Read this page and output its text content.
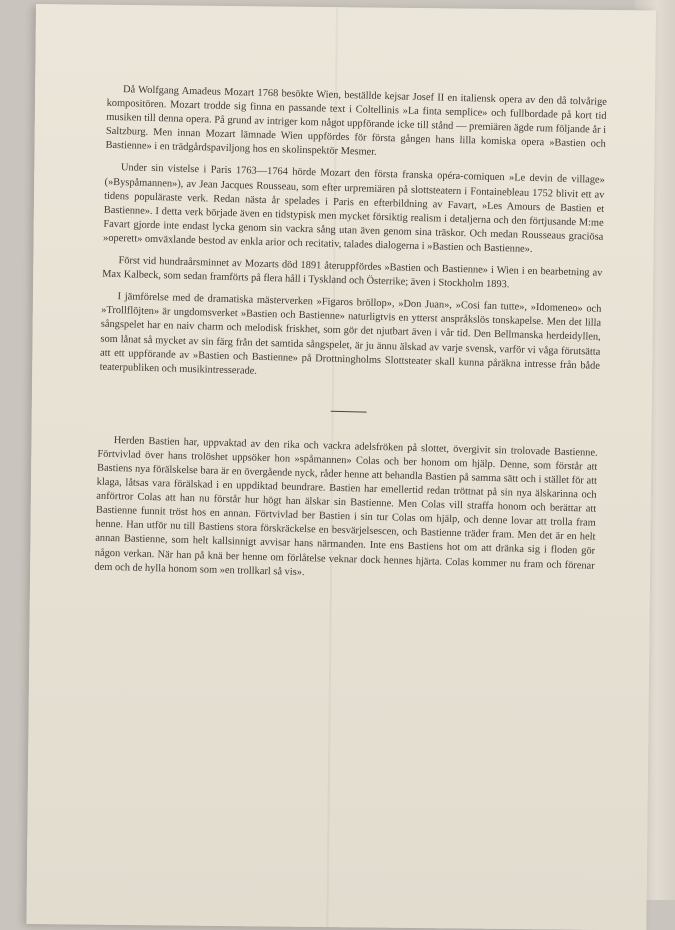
Då Wolfgang Amadeus Mozart 1768 besökte Wien, beställde kejsar Josef II en italiensk opera av den då tolvårige kompositören. Mozart trodde sig finna en passande text i Coltellinis »La finta semplice» och fullbordade på kort tid musiken till denna opera. På grund av intriger kom något uppförande icke till stånd — premiären ägde rum följande år i Saltzburg. Men innan Mozart lämnade Wien uppfördes för första gången hans lilla komiska opera »Bastien och Bastienne» i en trädgårdspaviljong hos en skolinspektör Mesmer.

Under sin vistelse i Paris 1763—1764 hörde Mozart den första franska opéra-comiquen »Le devin de village» (»Byspåmannen»), av Jean Jacques Rousseau, som efter urpremiären på slottsteatern i Fontainebleau 1752 blivit ett av tidens populäraste verk. Redan nästa år spelades i Paris en efterbildning av Favart, »Les Amours de Bastien et Bastienne». I detta verk började även en tidstypisk men mycket försiktig realism i detaljerna och den förtjusande M:me Favart gjorde inte endast lycka genom sin vackra sång utan även genom sina träskor. Och medan Rousseaus graciösa »operett» omväxlande bestod av enkla arior och recitativ, talades dialogerna i »Bastien och Bastienne».

Först vid hundraårsminnet av Mozarts död 1891 återuppfördes »Bastien och Bastienne» i Wien i en bearbetning av Max Kalbeck, som sedan framförts på flera håll i Tyskland och Österrike; även i Stockholm 1893.

I jämförelse med de dramatiska mästerverken »Figaros bröllop», »Don Juan», »Cosi fan tutte», »Idomeneo» och »Trollflöjten» är ungdomsverket »Bastien och Bastienne» naturligtvis en ytterst anspråkslös tonskapelse. Men det lilla sångspelet har en naiv charm och melodisk friskhet, som gör det njutbart även i vår tid. Den Bellmanska herdeidyllen, som lånat så mycket av sin färg från det samtida sångspelet, är ju ännu älskad av varje svensk, varför vi våga förutsätta att ett uppförande av »Bastien och Bastienne» på Drottningholms Slottsteater skall kunna påräkna intresse från både teaterpubliken och musikintresserade.

Herden Bastien har, uppvaktad av den rika och vackra adelsfröken på slottet, övergivit sin trolovade Bastienne. Förtvivlad över hans trolöshet uppsöker hon »spåmannen» Colas och ber honom om hjälp. Denne, som förstår att Bastiens nya förälskelse bara är en övergående nyck, råder henne att behandla Bastien på samma sätt och i stället för att klaga, låtsas vara förälskad i en uppdiktad beundrare. Bastien har emellertid redan tröttnat på sin nya älskarinna och anförtror Colas att han nu förstår hur högt han älskar sin Bastienne. Men Colas vill straffa honom och berättar att Bastienne funnit tröst hos en annan. Förtvivlad ber Bastien i sin tur Colas om hjälp, och denne lovar att trolla fram henne. Han utför nu till Bastiens stora förskräckelse en besvärjelsescen, och Bastienne träder fram. Men det är en helt annan Bastienne, som helt kallsinnigt avvisar hans närmanden. Inte ens Bastiens hot om att dränka sig i floden gör någon verkan. När han på knä ber henne om förlåtelse veknar dock hennes hjärta. Colas kommer nu fram och förenar dem och de hylla honom som »en trollkarl så vis».
